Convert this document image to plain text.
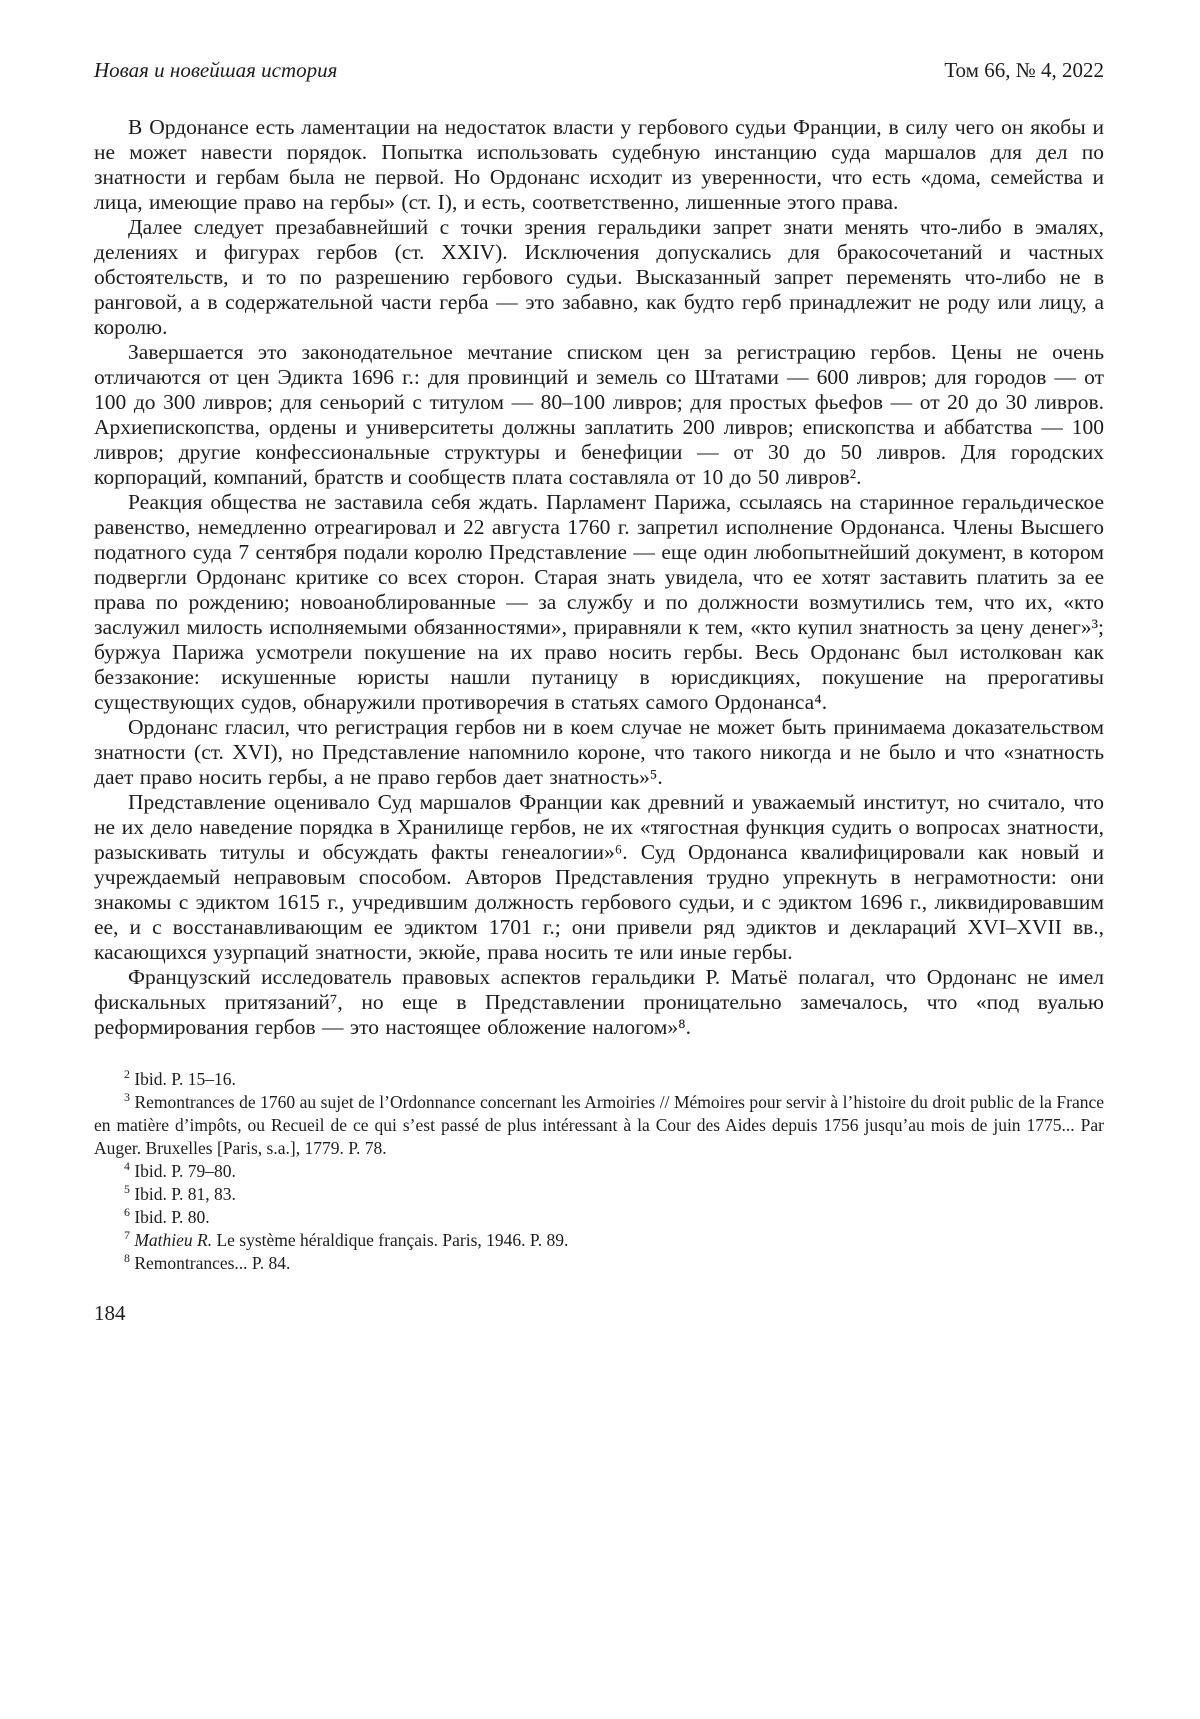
Новая и новейшая история	Том 66, № 4, 2022

В Ордонансе есть ламентации на недостаток власти у гербового судьи Франции, в силу чего он якобы и не может навести порядок. Попытка использовать судебную инстанцию суда маршалов для дел по знатности и гербам была не первой. Но Ордонанс исходит из уверенности, что есть «дома, семейства и лица, имеющие право на гербы» (ст. I), и есть, соответственно, лишенные этого права.

Далее следует презабавнейший с точки зрения геральдики запрет знати менять что-либо в эмалях, делениях и фигурах гербов (ст. XXIV). Исключения допускались для бракосочетаний и частных обстоятельств, и то по разрешению гербового судьи. Высказанный запрет переменять что-либо не в ранговой, а в содержательной части герба — это забавно, как будто герб принадлежит не роду или лицу, а королю.

Завершается это законодательное мечтание списком цен за регистрацию гербов. Цены не очень отличаются от цен Эдикта 1696 г.: для провинций и земель со Штатами — 600 ливров; для городов — от 100 до 300 ливров; для сеньорий с титулом — 80–100 ливров; для простых фьефов — от 20 до 30 ливров. Архиепископства, ордены и университеты должны заплатить 200 ливров; епископства и аббатства — 100 ливров; другие конфессиональные структуры и бенефиции — от 30 до 50 ливров. Для городских корпораций, компаний, братств и сообществ плата составляла от 10 до 50 ливров².

Реакция общества не заставила себя ждать. Парламент Парижа, ссылаясь на старинное геральдическое равенство, немедленно отреагировал и 22 августа 1760 г. запретил исполнение Ордонанса. Члены Высшего податного суда 7 сентября подали королю Представление — еще один любопытнейший документ, в котором подвергли Ордонанс критике со всех сторон. Старая знать увидела, что ее хотят заставить платить за ее права по рождению; новоаноблированные — за службу и по должности возмутились тем, что их, «кто заслужил милость исполняемыми обязанностями», приравняли к тем, «кто купил знатность за цену денег»³; буржуа Парижа усмотрели покушение на их право носить гербы. Весь Ордонанс был истолкован как беззаконие: искушенные юристы нашли путаницу в юрисдикциях, покушение на прерогативы существующих судов, обнаружили противоречия в статьях самого Ордонанса⁴.

Ордонанс гласил, что регистрация гербов ни в коем случае не может быть принимаема доказательством знатности (ст. XVI), но Представление напомнило короне, что такого никогда и не было и что «знатность дает право носить гербы, а не право гербов дает знатность»⁵.

Представление оценивало Суд маршалов Франции как древний и уважаемый институт, но считало, что не их дело наведение порядка в Хранилище гербов, не их «тягостная функция судить о вопросах знатности, разыскивать титулы и обсуждать факты генеалогии»⁶. Суд Ордонанса квалифицировали как новый и учреждаемый неправовым способом. Авторов Представления трудно упрекнуть в неграмотности: они знакомы с эдиктом 1615 г., учредившим должность гербового судьи, и с эдиктом 1696 г., ликвидировавшим ее, и с восстанавливающим ее эдиктом 1701 г.; они привели ряд эдиктов и деклараций XVI–XVII вв., касающихся узурпаций знатности, экюйе, права носить те или иные гербы.

Французский исследователь правовых аспектов геральдики Р. Матьё полагал, что Ордонанс не имел фискальных притязаний⁷, но еще в Представлении проницательно замечалось, что «под вуалью реформирования гербов — это настоящее обложение налогом»⁸.

$^2$ Ibid. P. 15–16.
$^3$ Remontrances de 1760 au sujet de l’Ordonnance concernant les Armoiries // Mémoires pour servir à l’histoire du droit public de la France en matière d’impôts, ou Recueil de ce qui s’est passé de plus intéressant à la Cour des Aides depuis 1756 jusqu’au mois de juin 1775... Par Auger. Bruxelles [Paris, s.a.], 1779. P. 78.
$^4$ Ibid. P. 79–80.
$^5$ Ibid. P. 81, 83.
$^6$ Ibid. P. 80.
$^7$ Mathieu R. Le système héraldique français. Paris, 1946. P. 89.
$^8$ Remontrances... P. 84.
184
